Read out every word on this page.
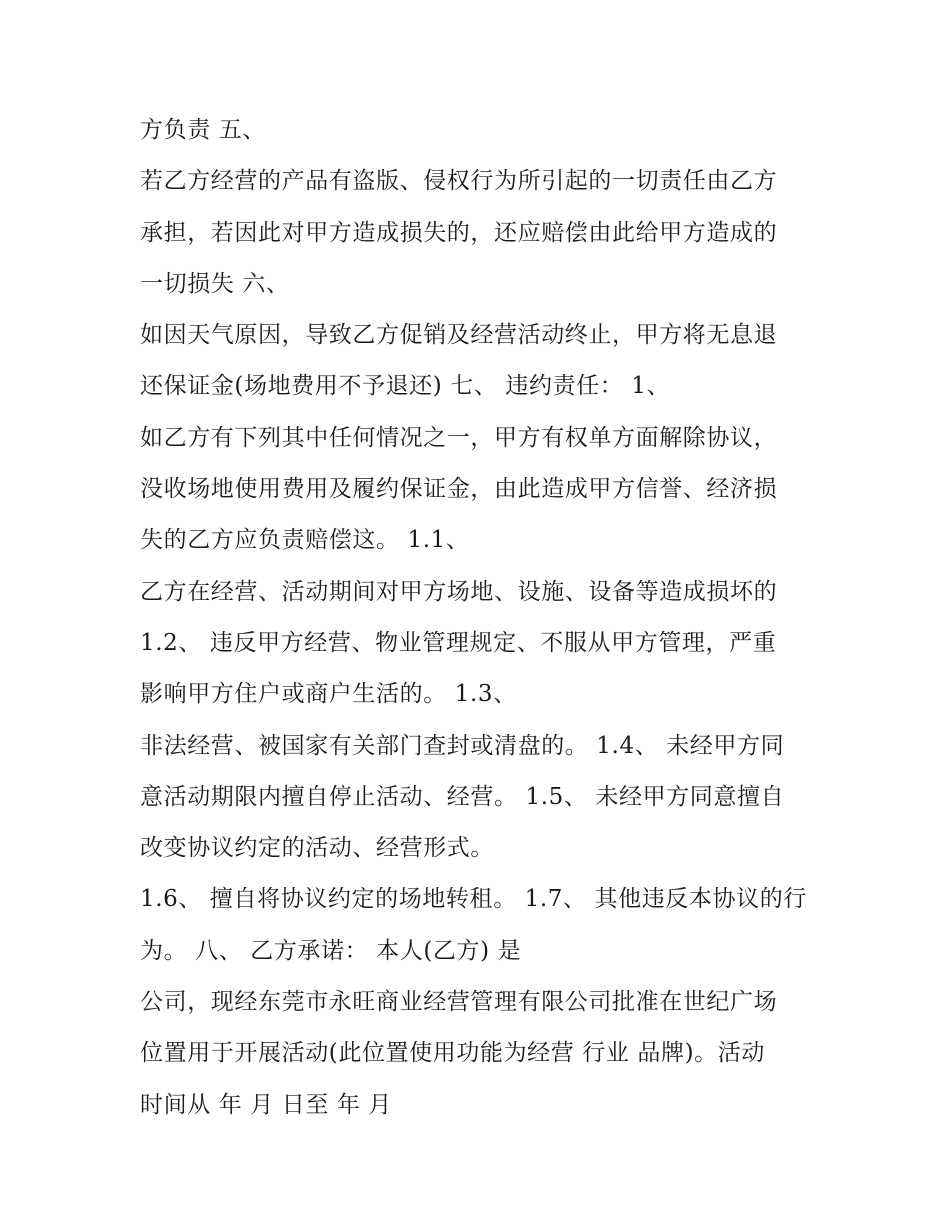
方负责 五、
若乙方经营的产品有盗版、侵权行为所引起的一切责任由乙方
承担，若因此对甲方造成损失的，还应赔偿由此给甲方造成的
一切损失 六、
如因天气原因，导致乙方促销及经营活动终止，甲方将无息退
还保证金(场地费用不予退还) 七、 违约责任： 1、
如乙方有下列其中任何情况之一，甲方有权单方面解除协议，
没收场地使用费用及履约保证金，由此造成甲方信誉、经济损
失的乙方应负责赔偿这。 1.1、
乙方在经营、活动期间对甲方场地、设施、设备等造成损坏的
1.2、 违反甲方经营、物业管理规定、不服从甲方管理，严重
影响甲方住户或商户生活的。 1.3、
非法经营、被国家有关部门查封或清盘的。 1.4、 未经甲方同
意活动期限内擅自停止活动、经营。 1.5、 未经甲方同意擅自
改变协议约定的活动、经营形式。
1.6、 擅自将协议约定的场地转租。 1.7、 其他违反本协议的行
为。 八、 乙方承诺： 本人(乙方) 是
公司，现经东莞市永旺商业经营管理有限公司批准在世纪广场
位置用于开展活动(此位置使用功能为经营 行业 品牌)。活动
时间从 年 月 日至 年 月
